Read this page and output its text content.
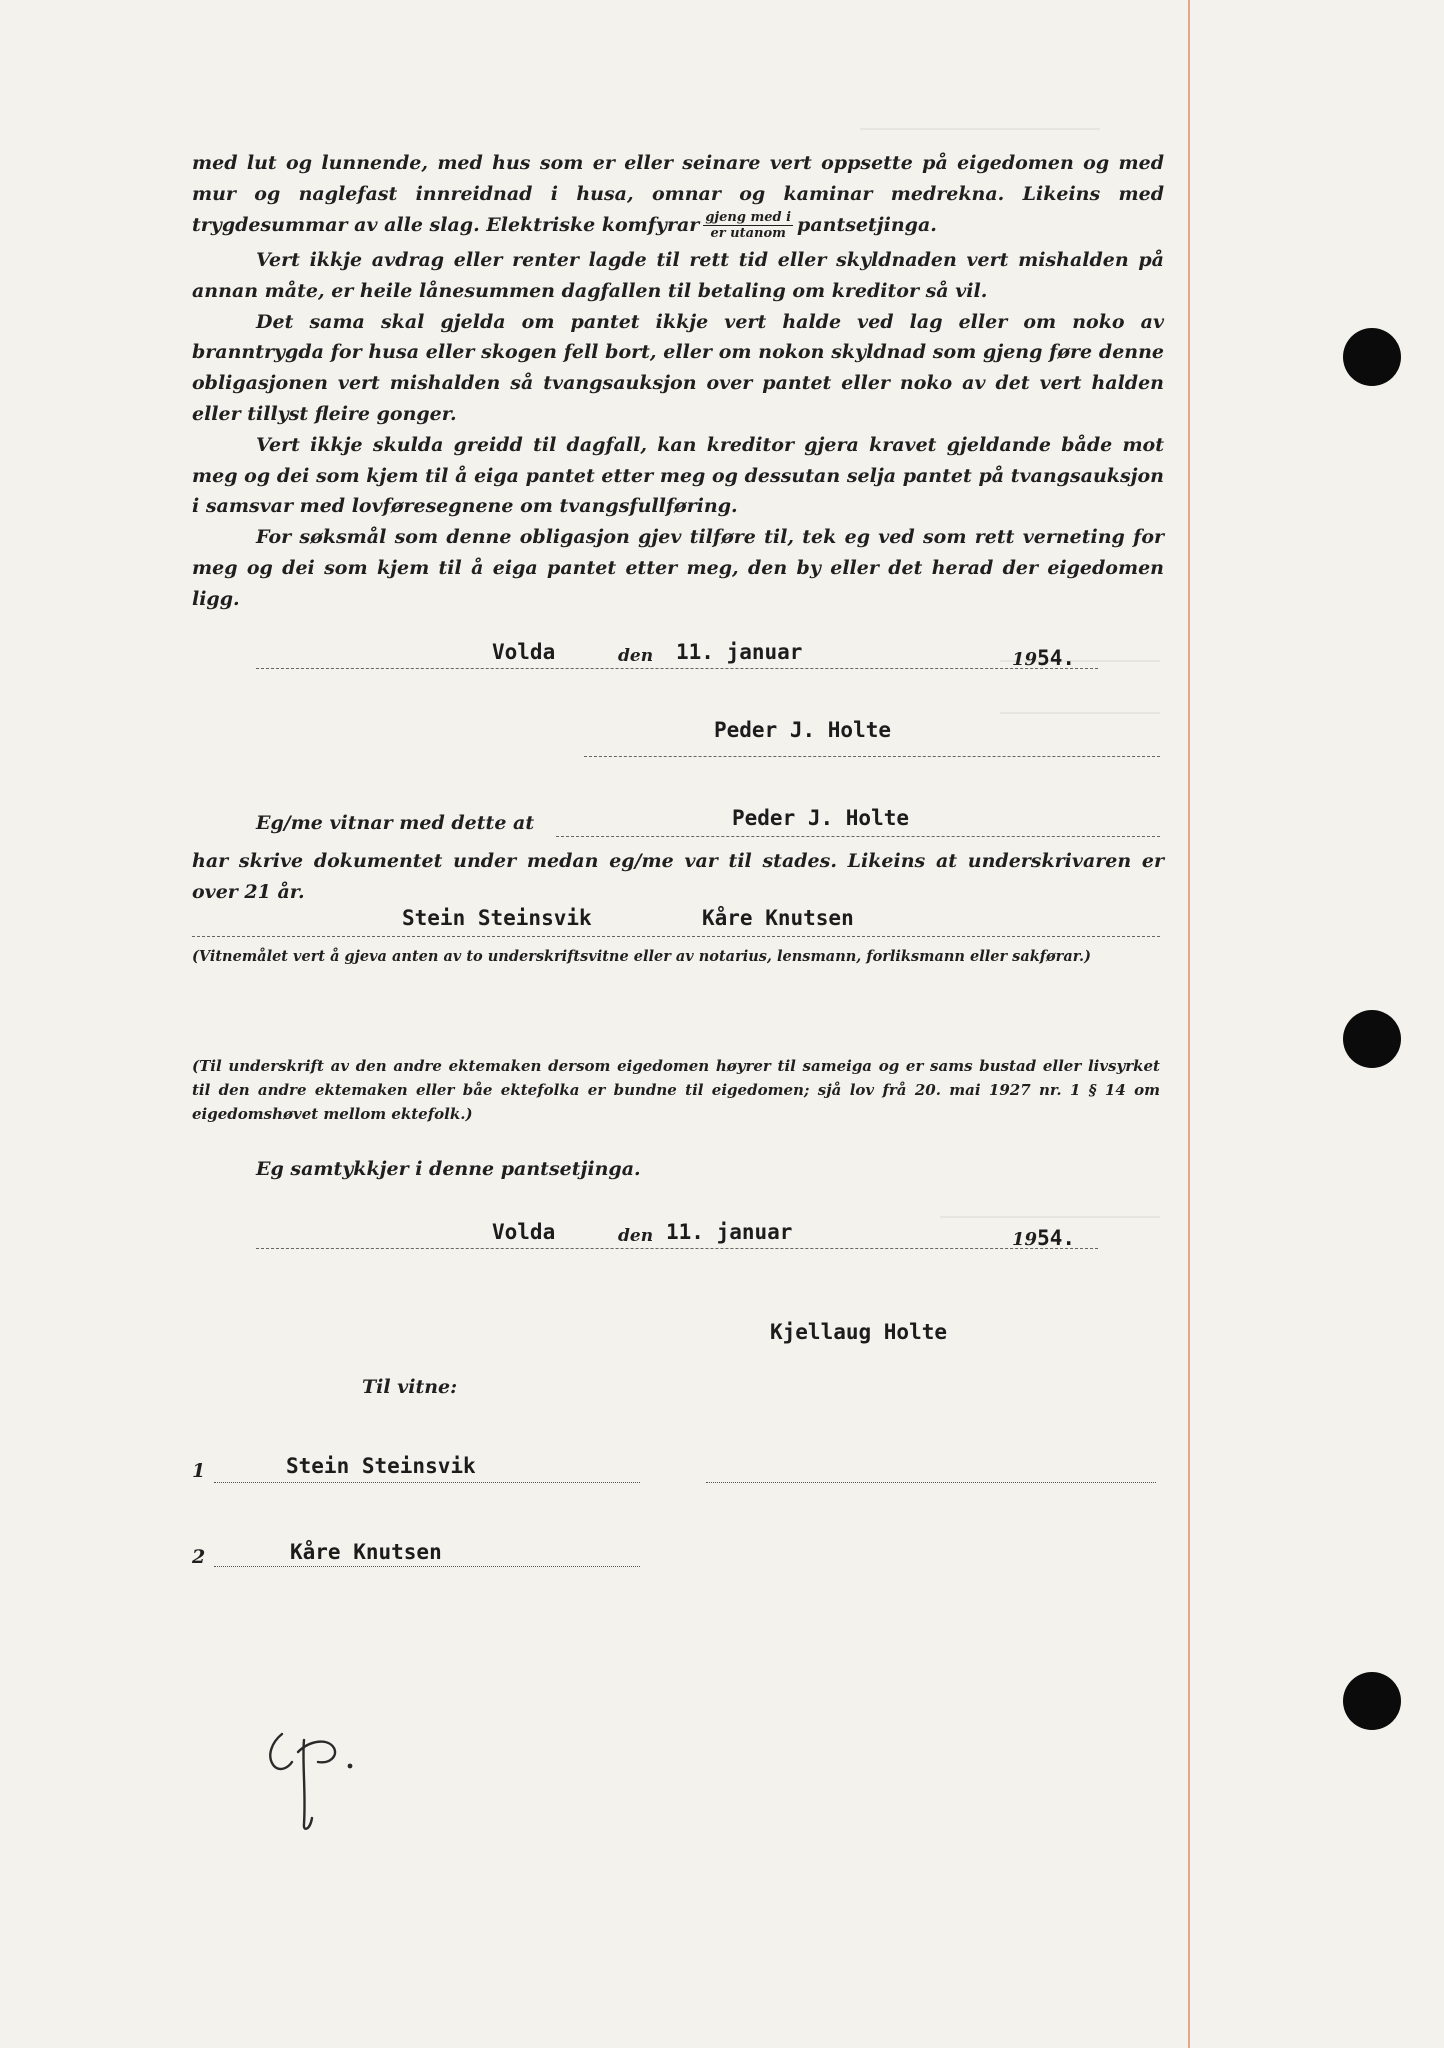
med lut og lunnende, med hus som er eller seinare vert oppsette på eigedomen og med mur og naglefast innreidnad i husa, omnar og kaminar medrekna. Likeins med trygdesummar av alle slag. Elektriske komfyrar $\frac{\text{gjeng med i}}{\text{er utanom}}$ pantsetjinga.

Vert ikkje avdrag eller renter lagde til rett tid eller skyldnaden vert mishalden på annan måte, er heile lånesummen dagfallen til betaling om kreditor så vil.

Det sama skal gjelda om pantet ikkje vert halde ved lag eller om noko av branntrygda for husa eller skogen fell bort, eller om nokon skyldnad som gjeng føre denne obligasjonen vert mishalden så tvangsauksjon over pantet eller noko av det vert halden eller tillyst fleire gonger.

Vert ikkje skulda greidd til dagfall, kan kreditor gjera kravet gjeldande både mot meg og dei som kjem til å eiga pantet etter meg og dessutan selja pantet på tvangsauksjon i samsvar med lovføresegnene om tvangsfullføring.

For søksmål som denne obligasjon gjev tilføre til, tek eg ved som rett verneting for meg og dei som kjem til å eiga pantet etter meg, den by eller det herad der eigedomen ligg.

Volda	den 11. januar	1954.
Peder J. Holte
Eg/me vitnar med dette at	Peder J. Holte
har skrive dokumentet under medan eg/me var til stades. Likeins at underskrivaren er over 21 år.
Stein Steinsvik	Kåre Knutsen
(Vitnemålet vert å gjeva anten av to underskriftsvitne eller av notarius, lensmann, forliksmann eller sakførar.)
(Til underskrift av den andre ektemaken dersom eigedomen høyrer til sameiga og er sams bustad eller livsyrket til den andre ektemaken eller båe ektefolka er bundne til eigedomen; sjå lov frå 20. mai 1927 nr. 1 § 14 om eigedomshøvet mellom ektefolk.)
Eg samtykkjer i denne pantsetjinga.
Volda	den 11. januar	1954.
Kjellaug Holte
Til vitne:
1	Stein Steinsvik
2	Kåre Knutsen
